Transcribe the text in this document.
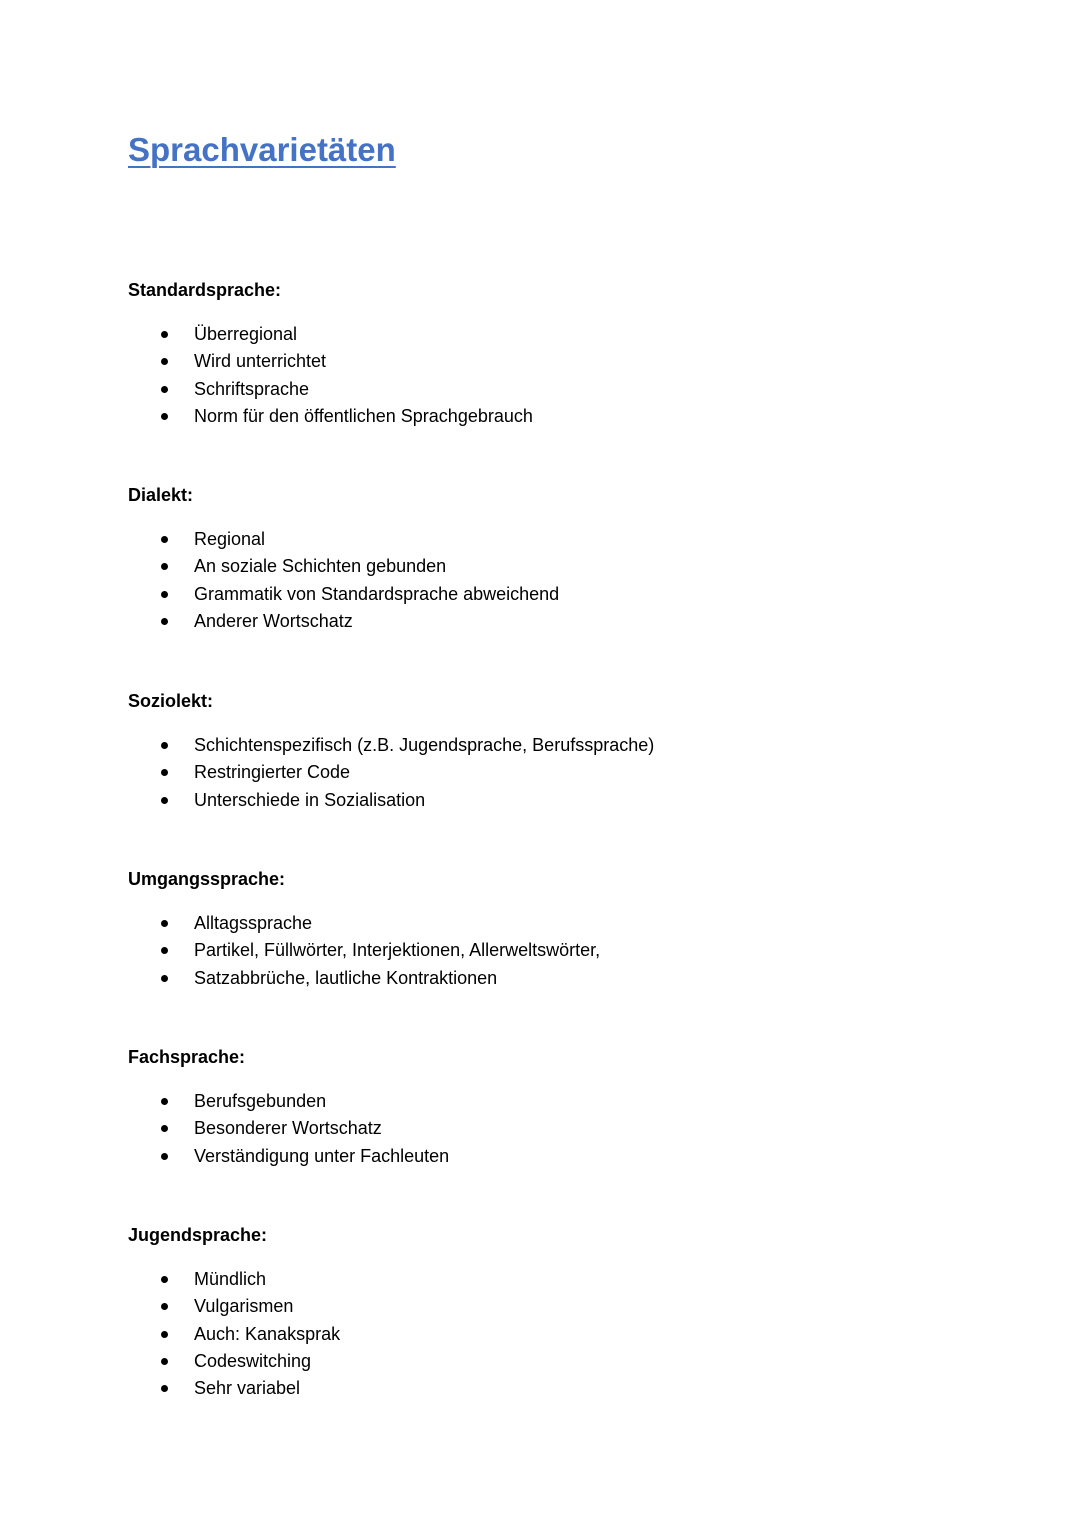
Sprachvarietäten
Standardsprache:
Überregional
Wird unterrichtet
Schriftsprache
Norm für den öffentlichen Sprachgebrauch
Dialekt:
Regional
An soziale Schichten gebunden
Grammatik von Standardsprache abweichend
Anderer Wortschatz
Soziolekt:
Schichtenspezifisch (z.B. Jugendsprache, Berufssprache)
Restringierter Code
Unterschiede in Sozialisation
Umgangssprache:
Alltagssprache
Partikel, Füllwörter, Interjektionen, Allerweltswörter,
Satzabbrüche, lautliche Kontraktionen
Fachsprache:
Berufsgebunden
Besonderer Wortschatz
Verständigung unter Fachleuten
Jugendsprache:
Mündlich
Vulgarismen
Auch: Kanaksprak
Codeswitching
Sehr variabel
